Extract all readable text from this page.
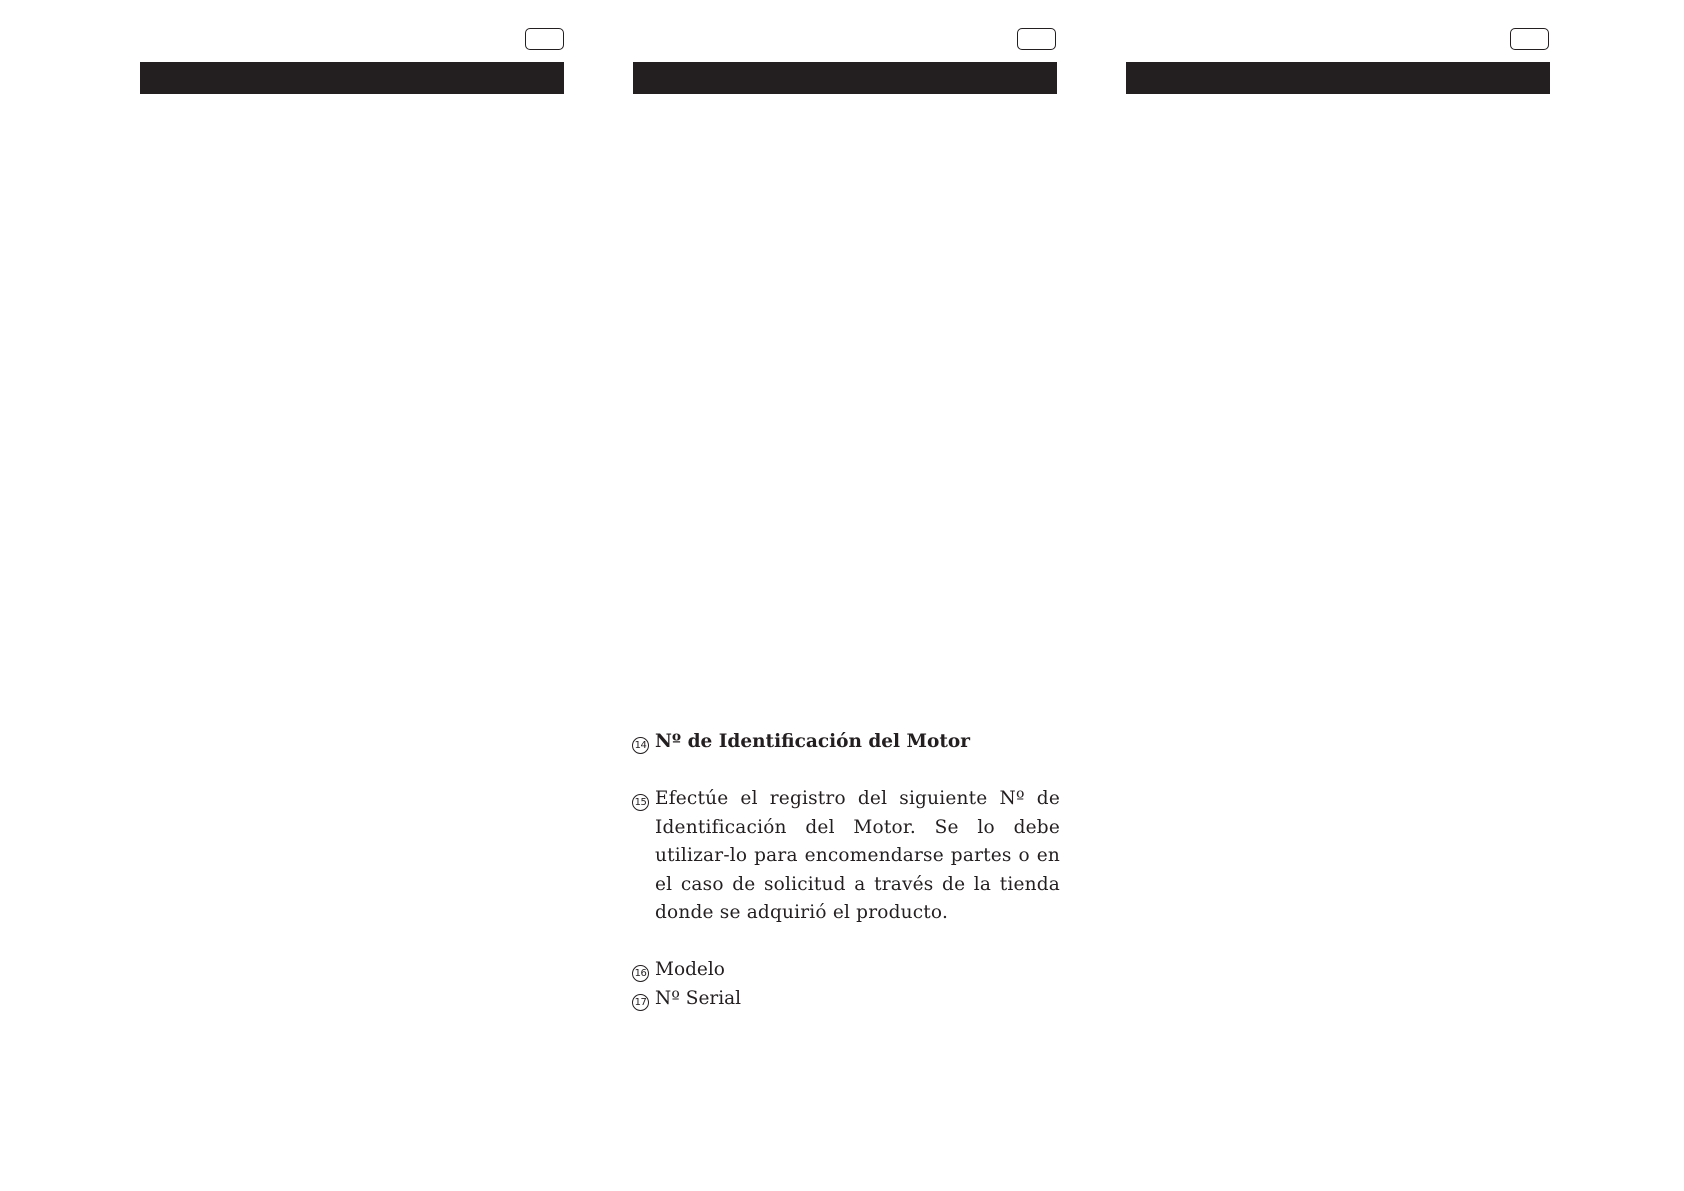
14 Nº de Identificación del Motor
15 Efectúe el registro del siguiente Nº de Identificación del Motor. Se lo debe utilizar-lo para encomendarse partes o en el caso de solicitud a través de la tienda donde se adquirió el producto.
16 Modelo
17 Nº Serial
